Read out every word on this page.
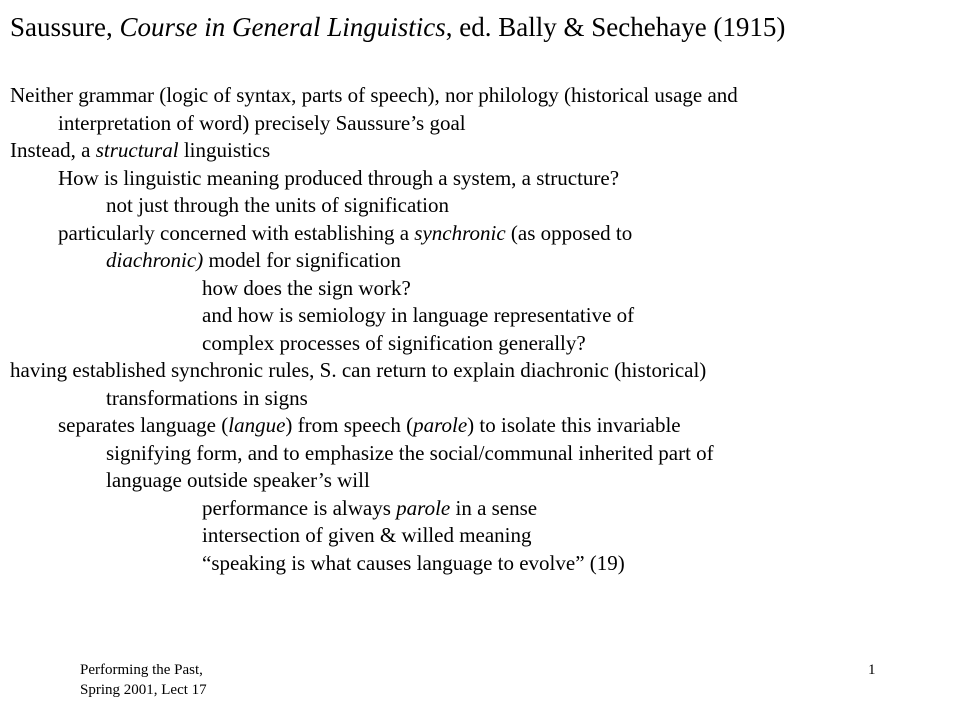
Saussure, Course in General Linguistics, ed. Bally & Sechehaye (1915)
Neither grammar (logic of syntax, parts of speech), nor philology (historical usage and
interpretation of word) precisely Saussure’s goal
Instead, a structural linguistics
How is linguistic meaning produced through a system, a structure?
not just through the units of signification
particularly concerned with establishing a synchronic (as opposed to
diachronic) model for signification
how does the sign work?
and how is semiology in language representative of
complex processes of signification generally?
having established synchronic rules, S. can return to explain diachronic (historical)
transformations in signs
separates language (langue) from speech (parole) to isolate this invariable
signifying form, and to emphasize the social/communal inherited part of
language outside speaker’s will
performance is always parole in a sense
intersection of given & willed meaning
“speaking is what causes language to evolve” (19)
Performing the Past,
Spring 2001, Lect 17
1
